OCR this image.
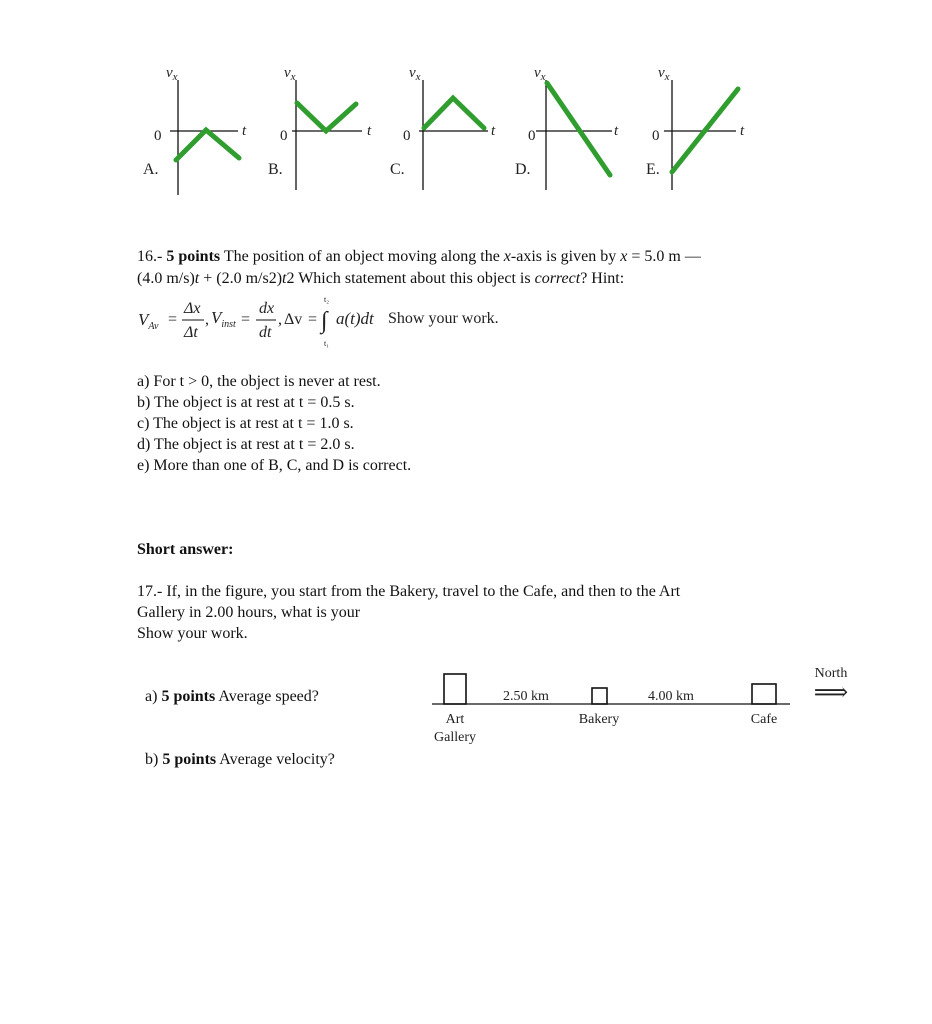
$v_x$
t
0
A.
$v_x$
t
0
B.
$v_x$
t
0
C.
$v_x$
t
0
D.
$v_x$
t
0
E.
16.- 5 points The position of an object moving along the x-axis is given by x = 5.0 m —
(4.0 m/s)t + (2.0 m/s2)t2 Which statement about this object is correct? Hint:
$V_{Av}$ =
Δx
Δt
, $V_{inst}$ =
dx
dt
, Δv = ∫
t₂
t₁
a(t)dt Show your work.
a) For t > 0, the object is never at rest.
b) The object is at rest at t = 0.5 s.
c) The object is at rest at t = 1.0 s.
d) The object is at rest at t = 2.0 s.
e) More than one of B, C, and D is correct.
Short answer:
17.- If, in the figure, you start from the Bakery, travel to the Cafe, and then to the Art
Gallery in 2.00 hours, what is your
Show your work.
a) 5 points Average speed?
b) 5 points Average velocity?
2.50 km	4.00 km
Art
Gallery
Bakery	Cafe
North
⟹
